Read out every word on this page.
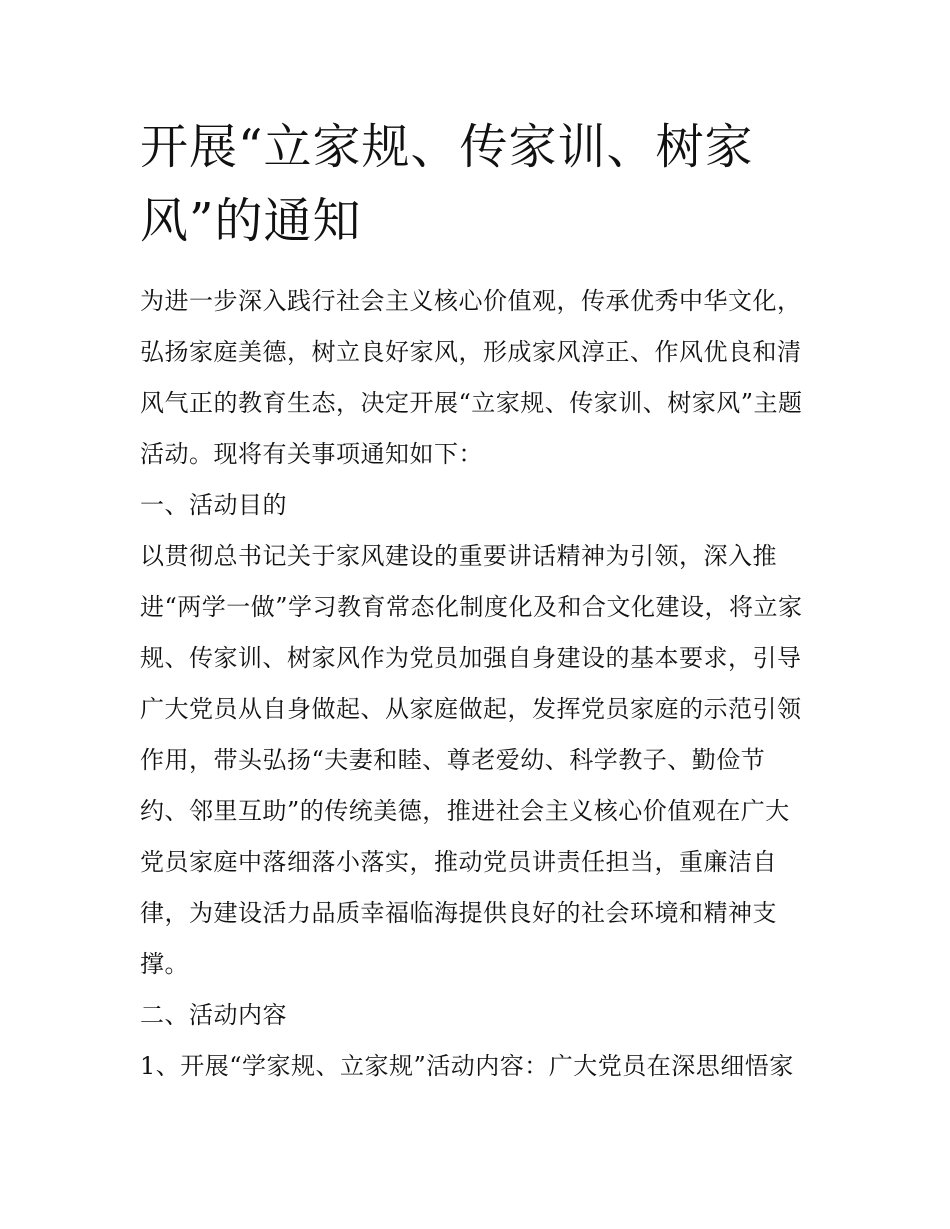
开展“立家规、传家训、树家
风”的通知
为进一步深入践行社会主义核心价值观，传承优秀中华文化，
弘扬家庭美德，树立良好家风，形成家风淳正、作风优良和清
风气正的教育生态，决定开展“立家规、传家训、树家风”主题
活动。现将有关事项通知如下：
一、活动目的
以贯彻总书记关于家风建设的重要讲话精神为引领，深入推
进“两学一做”学习教育常态化制度化及和合文化建设，将立家
规、传家训、树家风作为党员加强自身建设的基本要求，引导
广大党员从自身做起、从家庭做起，发挥党员家庭的示范引领
作用，带头弘扬“夫妻和睦、尊老爱幼、科学教子、勤俭节
约、邻里互助”的传统美德，推进社会主义核心价值观在广大
党员家庭中落细落小落实，推动党员讲责任担当，重廉洁自
律，为建设活力品质幸福临海提供良好的社会环境和精神支
撑。
二、活动内容
1、开展“学家规、立家规”活动内容：广大党员在深思细悟家
